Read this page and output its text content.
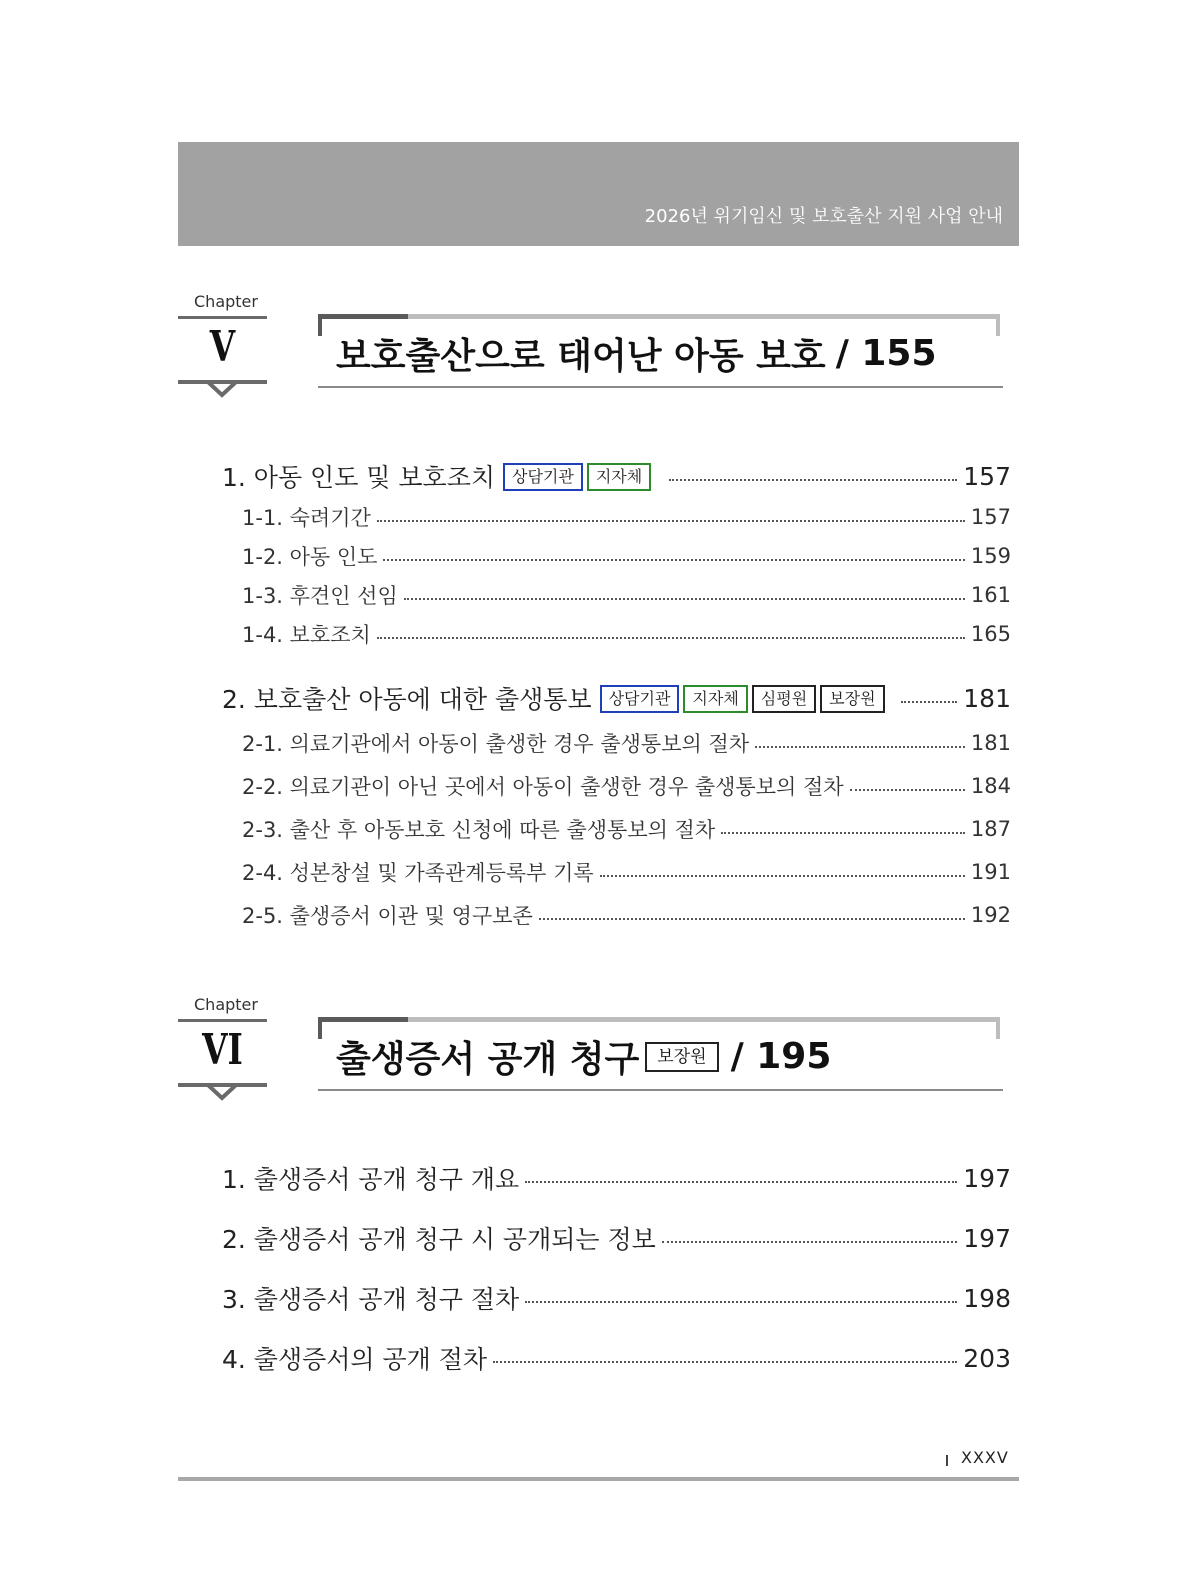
2026년 위기임신 및 보호출산 지원 사업 안내
Chapter
V	보호출산으로 태어난 아동 보호 / 155
1. 아동 인도 및 보호조치	상담기관 지자체	157
1-1. 숙려기간	157
1-2. 아동 인도	159
1-3. 후견인 선임	161
1-4. 보호조치	165
2. 보호출산 아동에 대한 출생통보	상담기관 지자체 심평원 보장원	181
2-1. 의료기관에서 아동이 출생한 경우 출생통보의 절차	181
2-2. 의료기관이 아닌 곳에서 아동이 출생한 경우 출생통보의 절차	184
2-3. 출산 후 아동보호 신청에 따른 출생통보의 절차	187
2-4. 성본창설 및 가족관계등록부 기록	191
2-5. 출생증서 이관 및 영구보존	192
Chapter
VI	출생증서 공개 청구	보장원 / 195
1. 출생증서 공개 청구 개요	197
2. 출생증서 공개 청구 시 공개되는 정보	197
3. 출생증서 공개 청구 절차	198
4. 출생증서의 공개 절차	203
XXXV
